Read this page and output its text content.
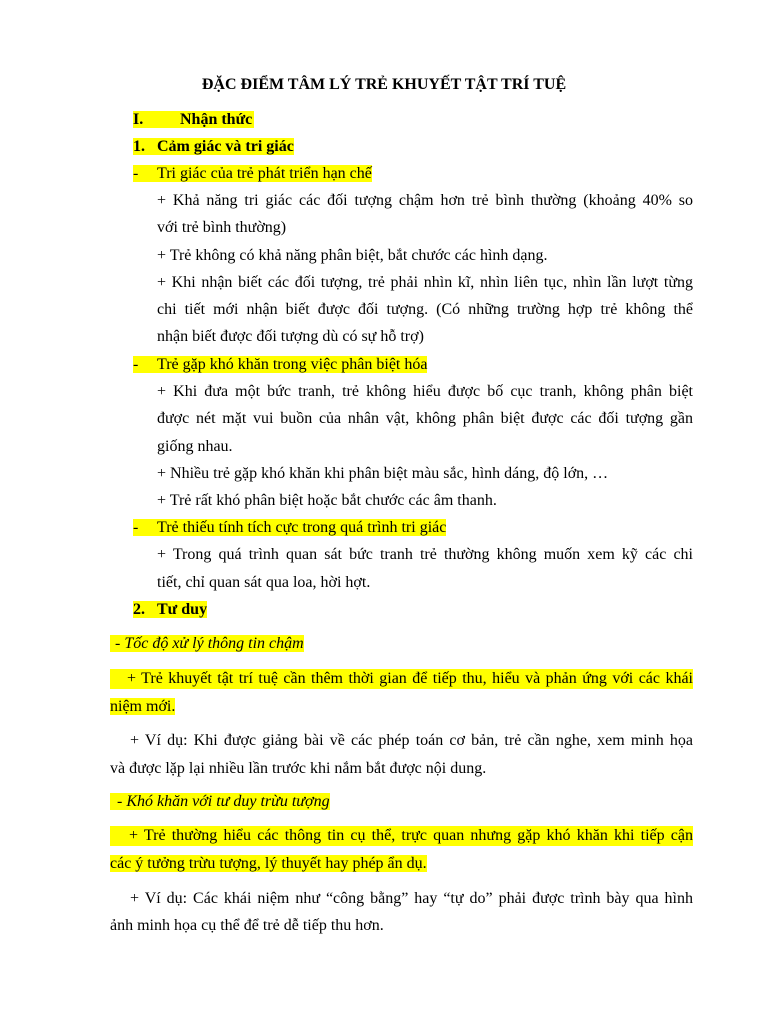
ĐẶC ĐIỂM TÂM LÝ TRẺ KHUYẾT TẬT TRÍ TUỆ
I. Nhận thức
1. Cảm giác và tri giác
- Tri giác của trẻ phát triển hạn chế
+ Khả năng tri giác các đối tượng chậm hơn trẻ bình thường (khoảng 40% so
với trẻ bình thường)
+ Trẻ không có khả năng phân biệt, bắt chước các hình dạng.
+ Khi nhận biết các đối tượng, trẻ phải nhìn kĩ, nhìn liên tục, nhìn lần lượt từng
chi tiết mới nhận biết được đối tượng. (Có những trường hợp trẻ không thể
nhận biết được đối tượng dù có sự hỗ trợ)
- Trẻ gặp khó khăn trong việc phân biệt hóa
+ Khi đưa một bức tranh, trẻ không hiểu được bố cục tranh, không phân biệt
được nét mặt vui buồn của nhân vật, không phân biệt được các đối tượng gần
giống nhau.
+ Nhiều trẻ gặp khó khăn khi phân biệt màu sắc, hình dáng, độ lớn, …
+ Trẻ rất khó phân biệt hoặc bắt chước các âm thanh.
- Trẻ thiếu tính tích cực trong quá trình tri giác
+ Trong quá trình quan sát bức tranh trẻ thường không muốn xem kỹ các chi
tiết, chỉ quan sát qua loa, hời hợt.
2. Tư duy
- Tốc độ xử lý thông tin chậm
+ Trẻ khuyết tật trí tuệ cần thêm thời gian để tiếp thu, hiểu và phản ứng với các khái
niệm mới.
+ Ví dụ: Khi được giảng bài về các phép toán cơ bản, trẻ cần nghe, xem minh họa
và được lặp lại nhiều lần trước khi nắm bắt được nội dung.
- Khó khăn với tư duy trừu tượng
+ Trẻ thường hiểu các thông tin cụ thể, trực quan nhưng gặp khó khăn khi tiếp cận
các ý tưởng trừu tượng, lý thuyết hay phép ẩn dụ.
+ Ví dụ: Các khái niệm như “công bằng” hay “tự do” phải được trình bày qua hình
ảnh minh họa cụ thể để trẻ dễ tiếp thu hơn.
